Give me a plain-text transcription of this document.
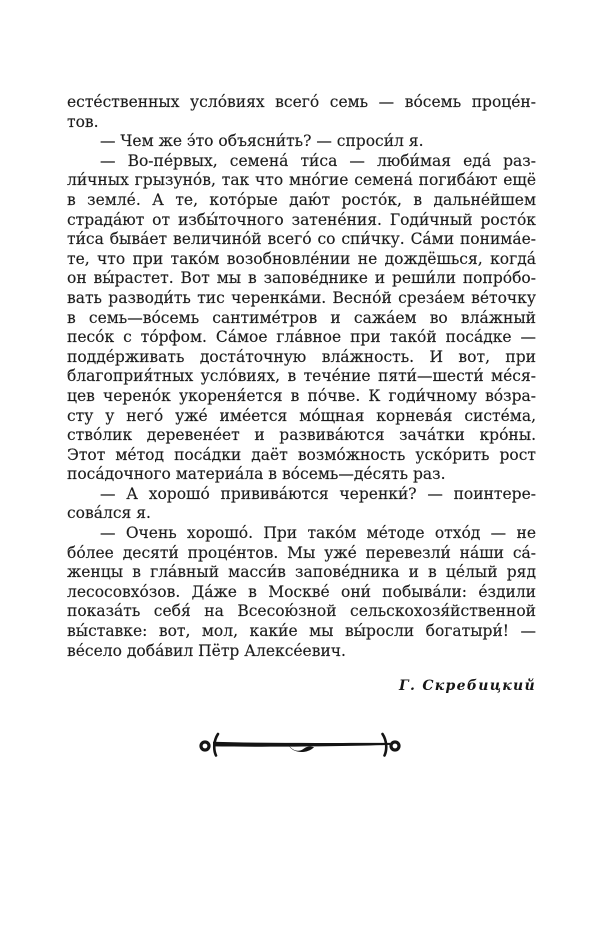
есте́ственных усло́виях всего́ семь — во́семь проце́н-
тов.
— Чем же э́то объясни́ть? — спроси́л я.
— Во-пе́рвых, семена́ ти́са — люби́мая еда́ раз-
ли́чных грызуно́в, так что мно́гие семена́ погиба́ют ещё
в земле́. А те, кото́рые даю́т росто́к, в дальне́йшем
страда́ют от избы́точного затене́ния. Годи́чный росто́к
ти́са быва́ет величино́й всего́ со спи́чку. Са́ми понима́е-
те, что при тако́м возобновле́нии не дождёшься, когда́
он вы́растет. Вот мы в запове́днике и реши́ли попро́бо-
вать разводи́ть тис черенка́ми. Весно́й среза́ем ве́точку
в семь—во́семь сантиме́тров и сажа́ем во вла́жный
песо́к с то́рфом. Са́мое гла́вное при тако́й поса́дке —
подде́рживать доста́точную вла́жность. И вот, при
благоприя́тных усло́виях, в тече́ние пяти́—шести́ ме́ся-
цев черено́к укореня́ется в по́чве. К годи́чному во́зра-
сту у него́ уже́ име́ется мо́щная корнева́я систе́ма,
ство́лик деревене́ет и развива́ются зача́тки кро́ны.
Этот ме́тод поса́дки даёт возмо́жность уско́рить рост
поса́дочного материа́ла в во́семь—де́сять раз.
— А хорошо́ привива́ются черенки́? — поинтере-
сова́лся я.
— Очень хорошо́. При тако́м ме́тоде отхо́д — не
бо́лее десяти́ проце́нтов. Мы уже́ перевезли́ на́ши са́-
женцы в гла́вный масси́в запове́дника и в це́лый ряд
лесосовхо́зов. Да́же в Москве́ они́ побыва́ли: е́здили
показа́ть себя́ на Всесою́зной сельскохозя́йственной
вы́ставке: вот, мол, каки́е мы вы́росли богатыри́! —
ве́село доба́вил Пётр Алексе́евич.
Г. Скребицкий
